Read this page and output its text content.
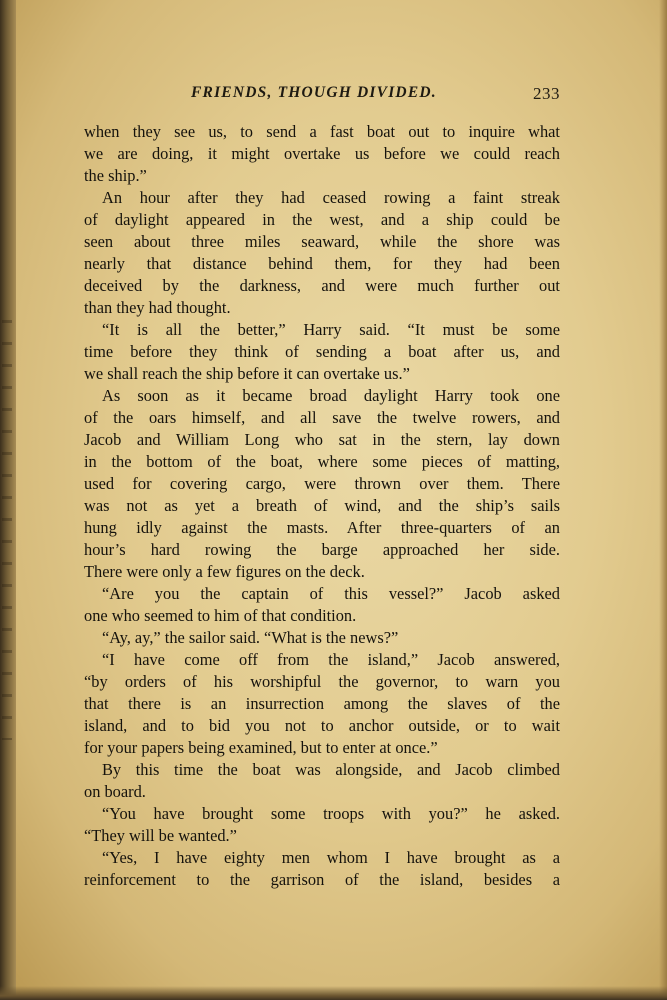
FRIENDS, THOUGH DIVIDED.	233
when they see us, to send a fast boat out to inquire what
we are doing, it might overtake us before we could reach
the ship.”
An hour after they had ceased rowing a faint streak
of daylight appeared in the west, and a ship could be
seen about three miles seaward, while the shore was
nearly that distance behind them, for they had been
deceived by the darkness, and were much further out
than they had thought.
“It is all the better,” Harry said. “It must be some
time before they think of sending a boat after us, and
we shall reach the ship before it can overtake us.”
As soon as it became broad daylight Harry took one
of the oars himself, and all save the twelve rowers, and
Jacob and William Long who sat in the stern, lay down
in the bottom of the boat, where some pieces of matting,
used for covering cargo, were thrown over them. There
was not as yet a breath of wind, and the ship’s sails
hung idly against the masts. After three-quarters of an
hour’s hard rowing the barge approached her side.
There were only a few figures on the deck.
“Are you the captain of this vessel?” Jacob asked
one who seemed to him of that condition.
“Ay, ay,” the sailor said. “What is the news?”
“I have come off from the island,” Jacob answered,
“by orders of his worshipful the governor, to warn you
that there is an insurrection among the slaves of the
island, and to bid you not to anchor outside, or to wait
for your papers being examined, but to enter at once.”
By this time the boat was alongside, and Jacob climbed
on board.
“You have brought some troops with you?” he asked.
“They will be wanted.”
“Yes, I have eighty men whom I have brought as a
reinforcement to the garrison of the island, besides a
